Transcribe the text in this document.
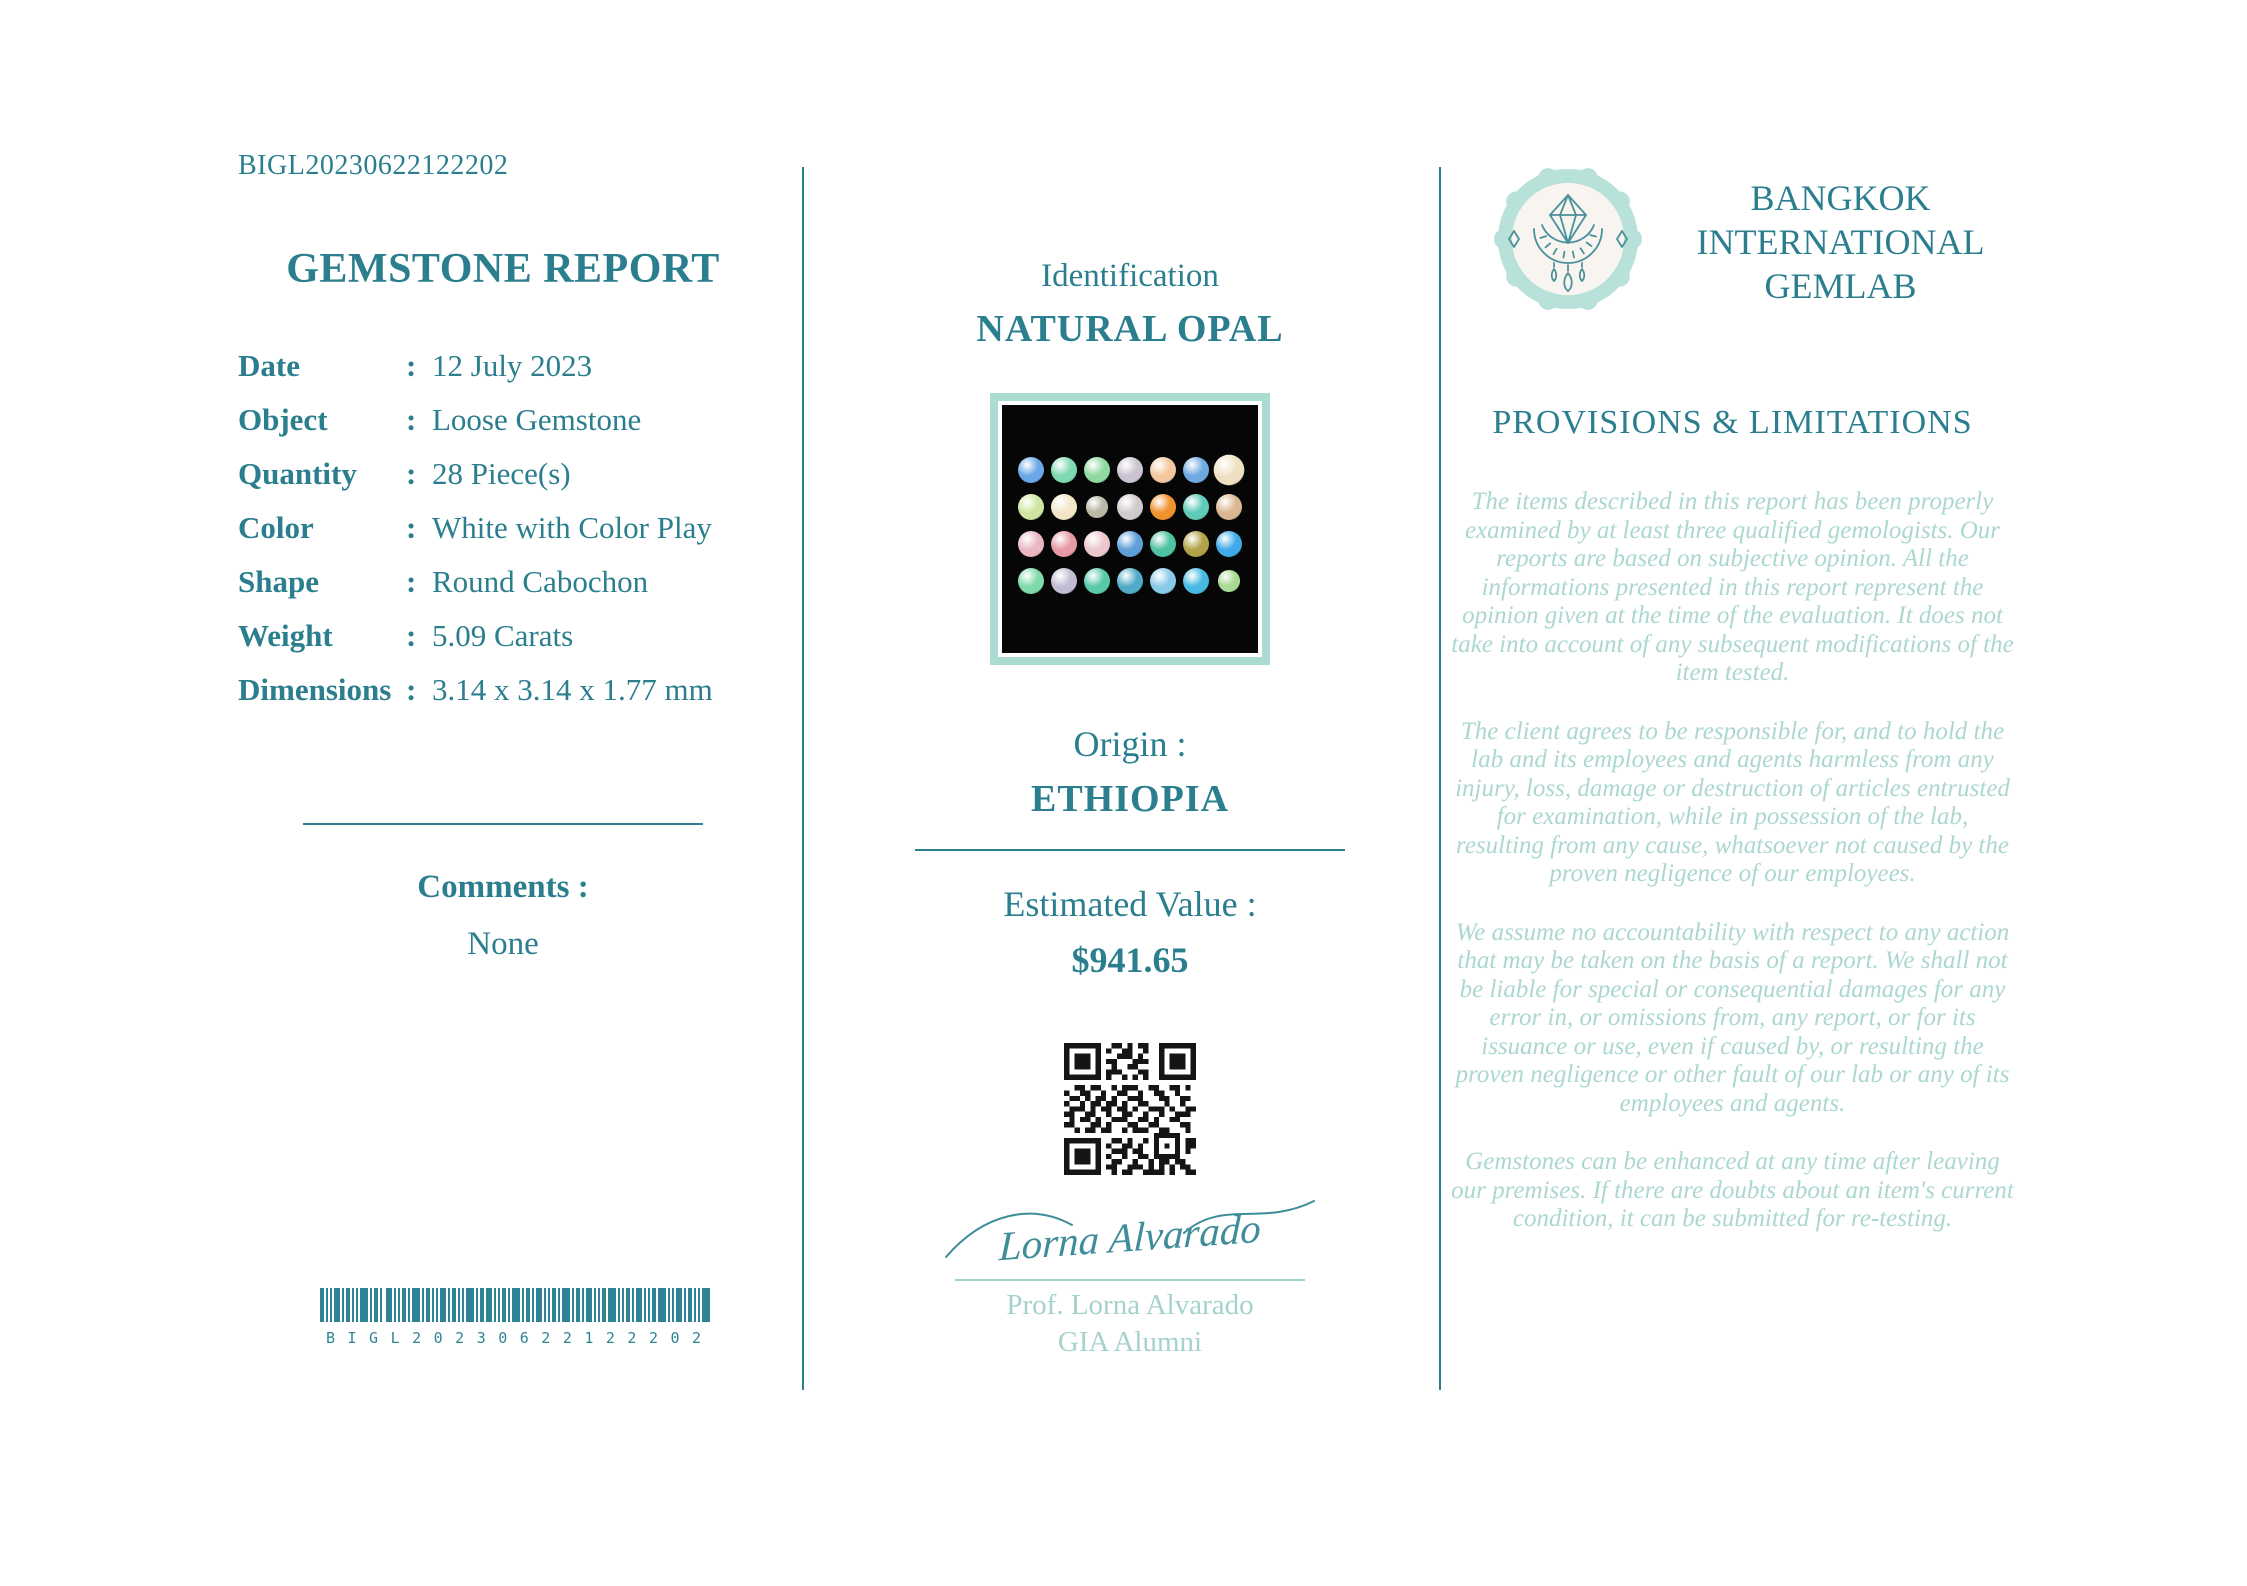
BIGL20230622122202
GEMSTONE REPORT
Date	: 12 July 2023
Object	: Loose Gemstone
Quantity	: 28 Piece(s)
Color	: White with Color Play
Shape	: Round Cabochon
Weight	: 5.09 Carats
Dimensions : 3.14 x 3.14 x 1.77 mm
Comments :
None
BIGL20230622122202
Identification
NATURAL OPAL
Origin :
ETHIOPIA
Estimated Value :
$941.65
Lorna Alvarado
Prof. Lorna Alvarado
GIA Alumni
BANGKOK
INTERNATIONAL
GEMLAB
PROVISIONS & LIMITATIONS

The items described in this report has been properly examined by at least three qualified gemologists. Our reports are based on subjective opinion. All the informations presented in this report represent the opinion given at the time of the evaluation. It does not take into account of any subsequent modifications of the item tested.

The client agrees to be responsible for, and to hold the lab and its employees and agents harmless from any injury, loss, damage or destruction of articles entrusted for examination, while in possession of the lab, resulting from any cause, whatsoever not caused by the proven negligence of our employees.

We assume no accountability with respect to any action that may be taken on the basis of a report. We shall not be liable for special or consequential damages for any error in, or omissions from, any report, or for its issuance or use, even if caused by, or resulting the proven negligence or other fault of our lab or any of its employees and agents.

Gemstones can be enhanced at any time after leaving our premises. If there are doubts about an item's current condition, it can be submitted for re-testing.
